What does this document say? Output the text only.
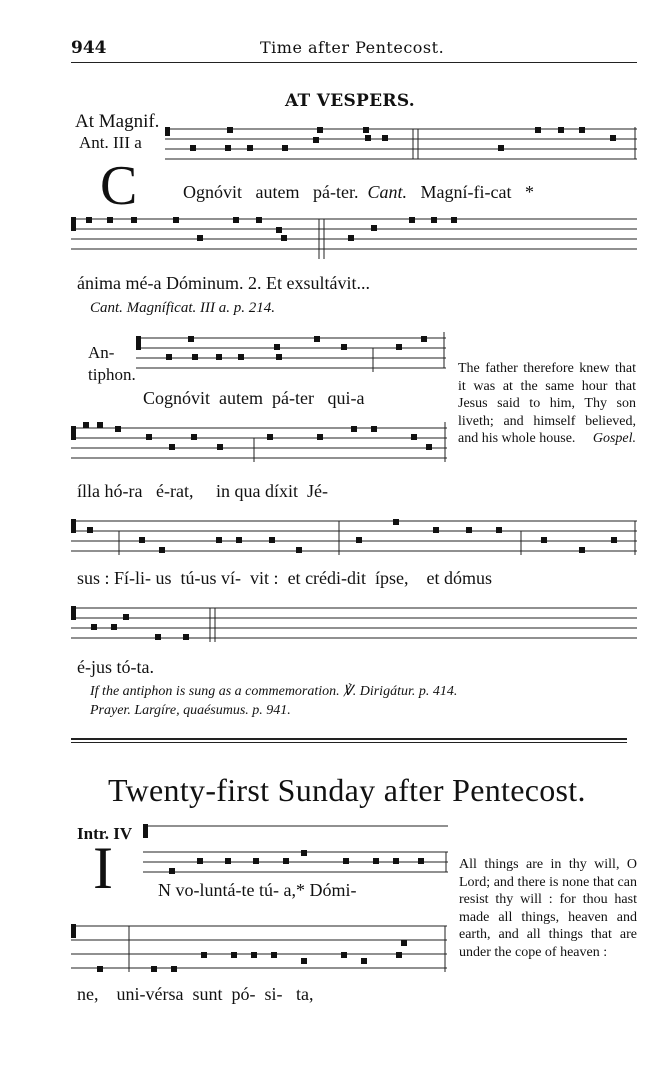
944	Time after Pentecost.
AT VESPERS.
At Magnif.
Ant. III a
C	Ognóvit autem pá-ter. Cant. Magní-fi-cat *
ánima mé-a Dóminum. 2. Et exsultávit...
Cant. Magníficat. III a. p. 214.
An- tiphon.
Cognóvit autem pá-ter qui-a
ílla hó-ra é-rat, in qua díxit Jé-
The father therefore knew that it was at the same hour that Jesus said to him, Thy son liveth; and himself believed, and his whole house. Gospel.
sus : Fí-li- us tú-us ví- vit : et crédi-dit ípse, et dómus
é-jus tó-ta.
If the antiphon is sung as a commemoration. ℣. Dirigátur. p. 414.
Prayer. Largíre, quaésumus. p. 941.
Twenty-first Sunday after Pentecost.
Intr. IV
I	N vo-luntá-te tú- a,* Dómi-
ne, uni-vérsa sunt pó- si- ta,
All things are in thy will, O Lord; and there is none that can resist thy will : for thou hast made all things, heaven and earth, and all things that are under the cope of heaven :
